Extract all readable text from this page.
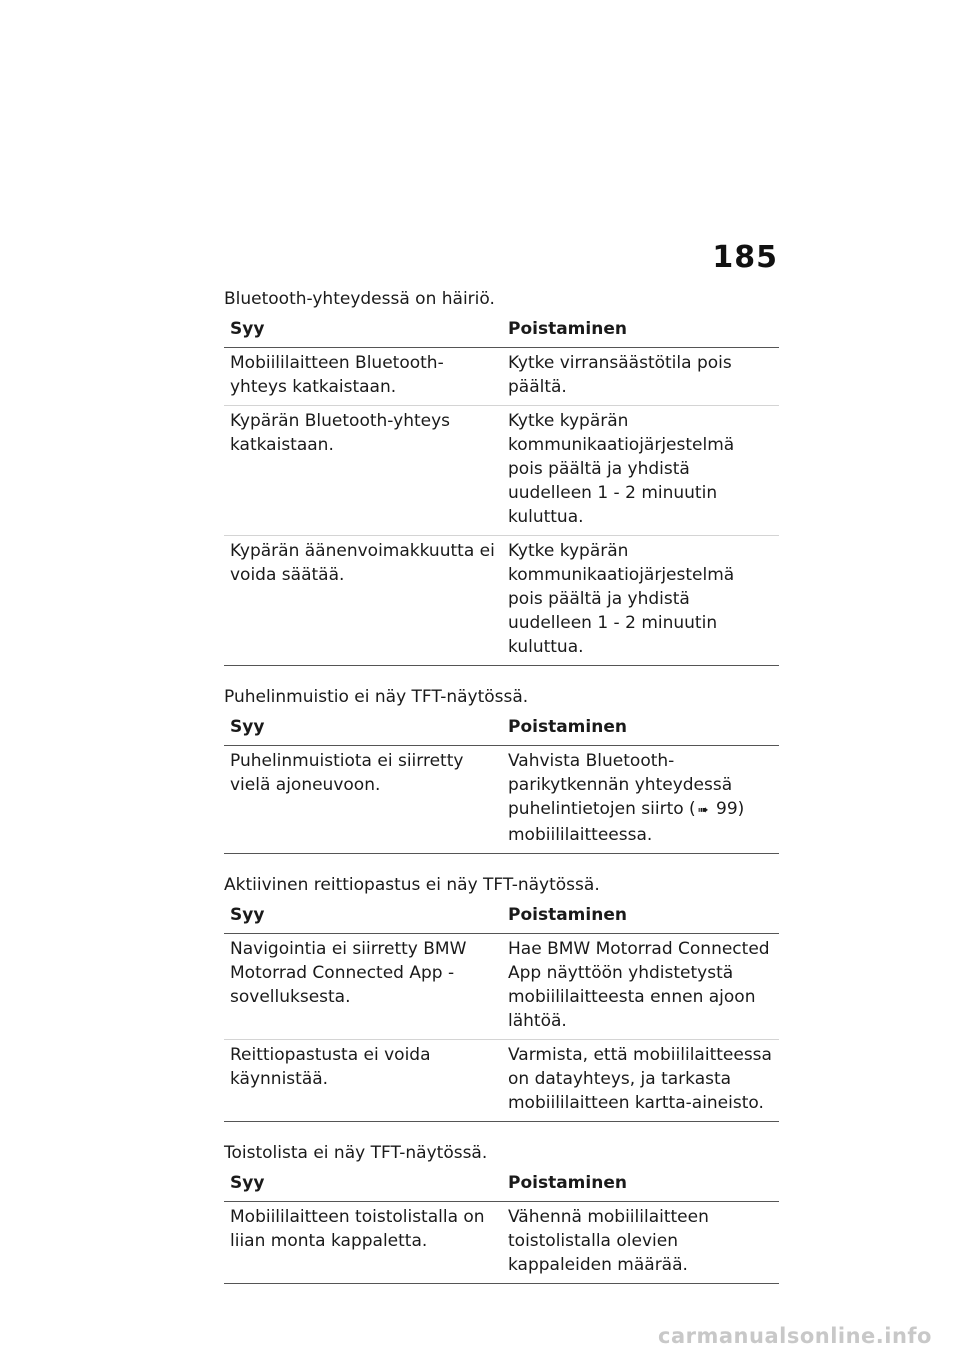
185
Bluetooth-yhteydessä on häiriö.
Syy	Poistaminen
Mobiililaitteen Bluetooth-yhteys katkaistaan.	Kytke virransäästötila pois päältä.
Kypärän Bluetooth-yhteys katkaistaan.	Kytke kypärän kommunikaatiojärjestelmä pois päältä ja yhdistä uudelleen 1 - 2 minuutin kuluttua.
Kypärän äänenvoimakkuutta ei voida säätää.	Kytke kypärän kommunikaatiojärjestelmä pois päältä ja yhdistä uudelleen 1 - 2 minuutin kuluttua.
Puhelinmuistio ei näy TFT-näytössä.
Syy	Poistaminen
Puhelinmuistiota ei siirretty vielä ajoneuvoon.	Vahvista Bluetooth-parikytkennän yhteydessä puhelintietojen siirto ( ➠ 99) mobiililaitteessa.
Aktiivinen reittiopastus ei näy TFT-näytössä.
Syy	Poistaminen
Navigointia ei siirretty BMW Motorrad Connected App -sovelluksesta.	Hae BMW Motorrad Connected App näyttöön yhdistetystä mobiililaitteesta ennen ajoon lähtöä.
Reittiopastusta ei voida käynnistää.	Varmista, että mobiililaitteessa on datayhteys, ja tarkasta mobiililaitteen kartta-aineisto.
Toistolista ei näy TFT-näytössä.
Syy	Poistaminen
Mobiililaitteen toistolistalla on liian monta kappaletta.	Vähennä mobiililaitteen toistolistalla olevien kappaleiden määrää.
carmanualsonline.info
